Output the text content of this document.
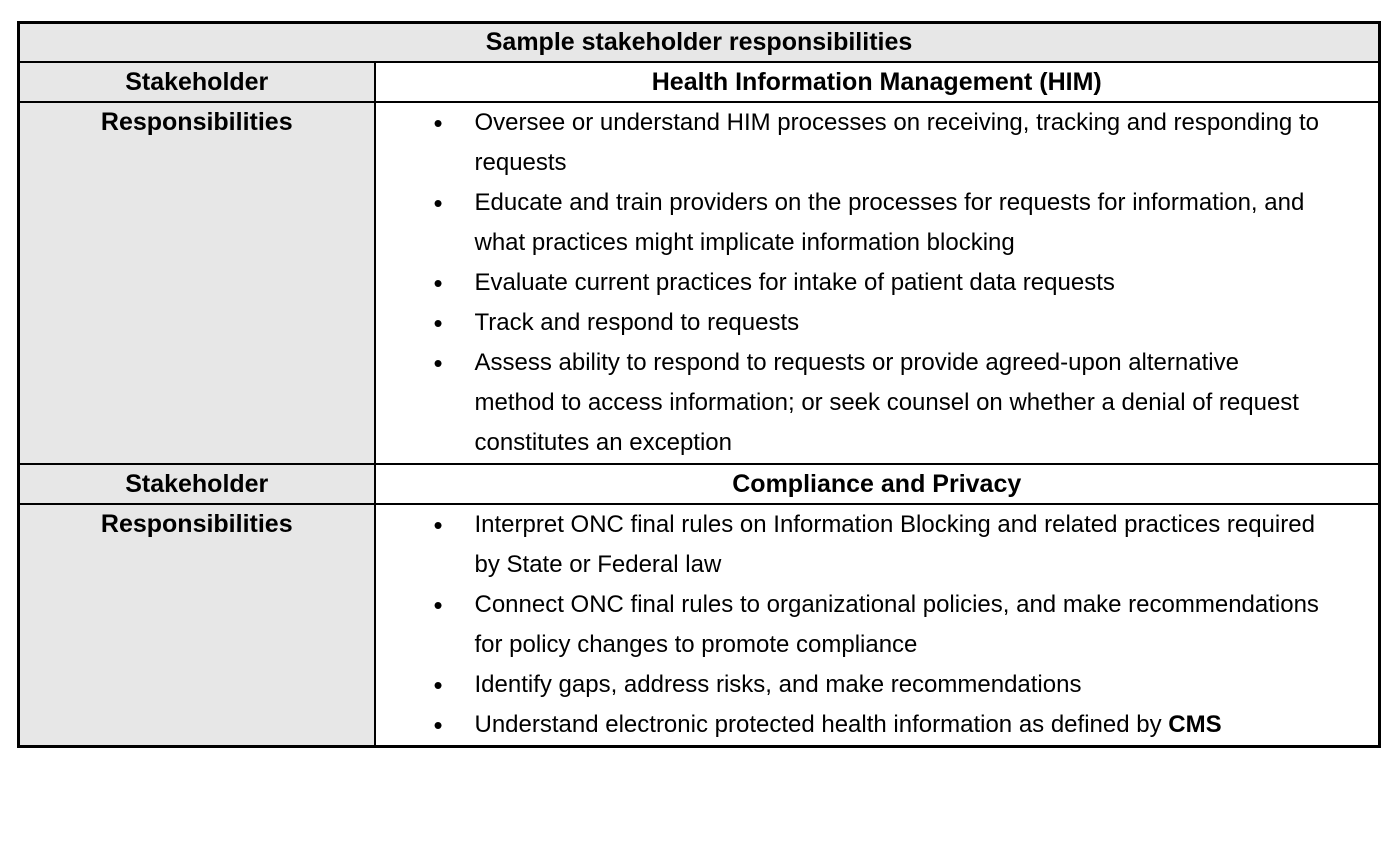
Sample stakeholder responsibilities	
Stakeholder	Health Information Management (HIM)
Responsibilities	
•Oversee or understand HIM processes on receiving, tracking and responding to requests
• Educate and train providers on the processes for requests for information, and what practices might implicate information blocking
• Evaluate current practices for intake of patient data requests
• Track and respond to requests
• Assess ability to respond to requests or provide agreed-upon alternative method to access information; or seek counsel on whether a denial of request constitutes an exception

Stakeholder	Compliance and Privacy
Responsibilities	
•Interpret ONC final rules on Information Blocking and related practices required by State or Federal law
• Connect ONC final rules to organizational policies, and make recommendations for policy changes to promote compliance
• Identify gaps, address risks, and make recommendations
• Understand electronic protected health information as defined by CMS
